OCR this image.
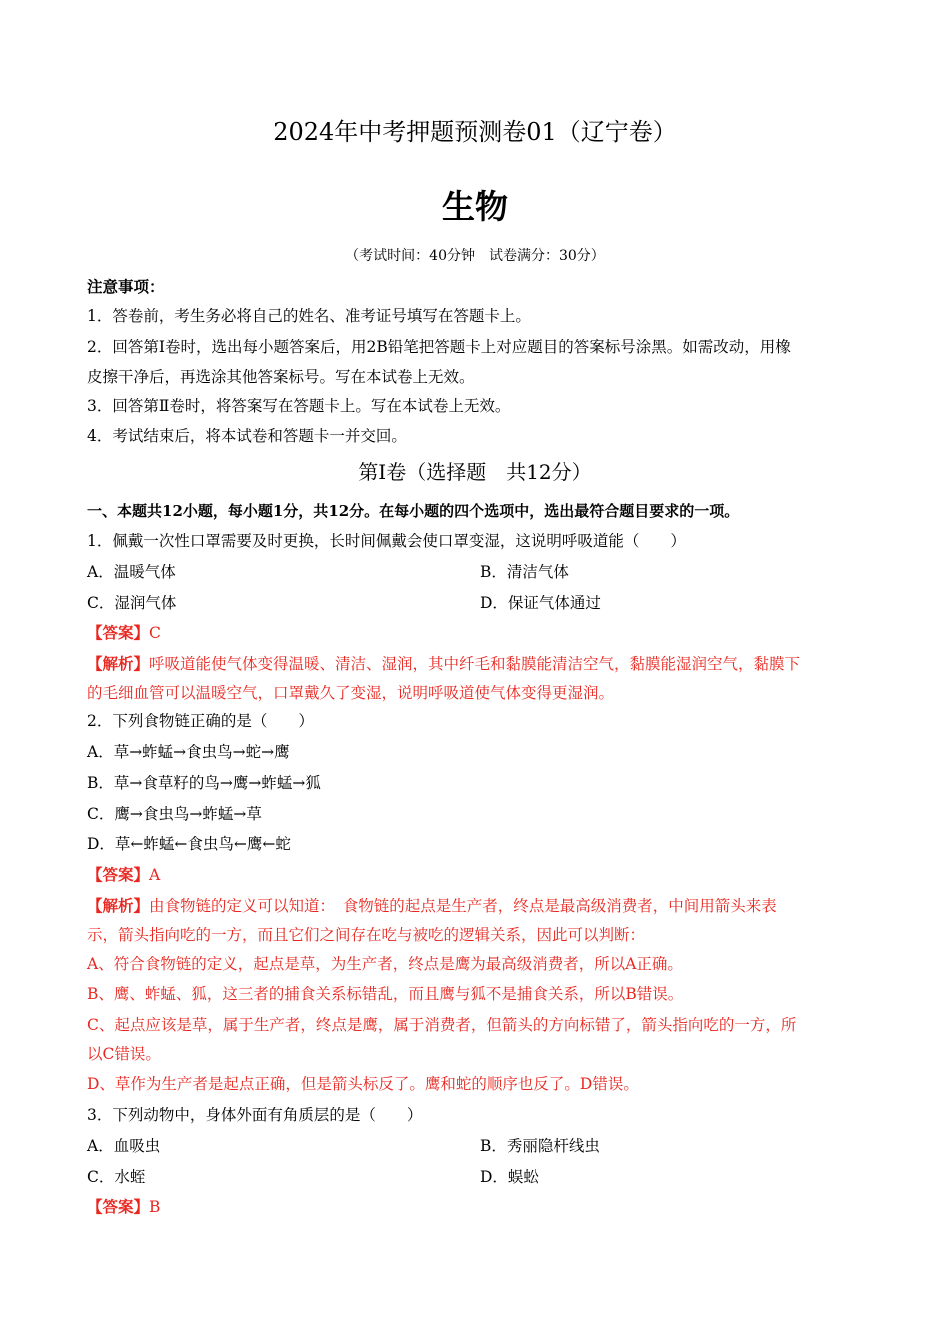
2024年中考押题预测卷01（辽宁卷）
生物
（考试时间：40分钟　试卷满分：30分）
注意事项：
1．答卷前，考生务必将自己的姓名、准考证号填写在答题卡上。
2．回答第Ⅰ卷时，选出每小题答案后，用2B铅笔把答题卡上对应题目的答案标号涂黑。如需改动，用橡
皮擦干净后，再选涂其他答案标号。写在本试卷上无效。
3．回答第Ⅱ卷时，将答案写在答题卡上。写在本试卷上无效。
4．考试结束后，将本试卷和答题卡一并交回。
第Ⅰ卷（选择题　共12分）
一、本题共12小题，每小题1分，共12分。在每小题的四个选项中，选出最符合题目要求的一项。
1．佩戴一次性口罩需要及时更换，长时间佩戴会使口罩变湿，这说明呼吸道能（　　）
A．温暖气体	B．清洁气体
C．湿润气体	D．保证气体通过
【答案】C
【解析】呼吸道能使气体变得温暖、清洁、湿润，其中纤毛和黏膜能清洁空气，黏膜能湿润空气，黏膜下
的毛细血管可以温暖空气，口罩戴久了变湿，说明呼吸道使气体变得更湿润。
2．下列食物链正确的是（　　）
A．草→蚱蜢→食虫鸟→蛇→鹰
B．草→食草籽的鸟→鹰→蚱蜢→狐
C．鹰→食虫鸟→蚱蜢→草
D．草←蚱蜢←食虫鸟←鹰←蛇
【答案】A
【解析】由食物链的定义可以知道：　食物链的起点是生产者，终点是最高级消费者，中间用箭头来表
示，箭头指向吃的一方，而且它们之间存在吃与被吃的逻辑关系，因此可以判断：
A、符合食物链的定义，起点是草，为生产者，终点是鹰为最高级消费者，所以A正确。
B、鹰、蚱蜢、狐，这三者的捕食关系标错乱，而且鹰与狐不是捕食关系，所以B错误。
C、起点应该是草，属于生产者，终点是鹰，属于消费者，但箭头的方向标错了，箭头指向吃的一方，所
以C错误。
D、草作为生产者是起点正确，但是箭头标反了。鹰和蛇的顺序也反了。D错误。
3．下列动物中，身体外面有角质层的是（　　）
A．血吸虫	B．秀丽隐杆线虫
C．水蛭	D．蜈蚣
【答案】B
